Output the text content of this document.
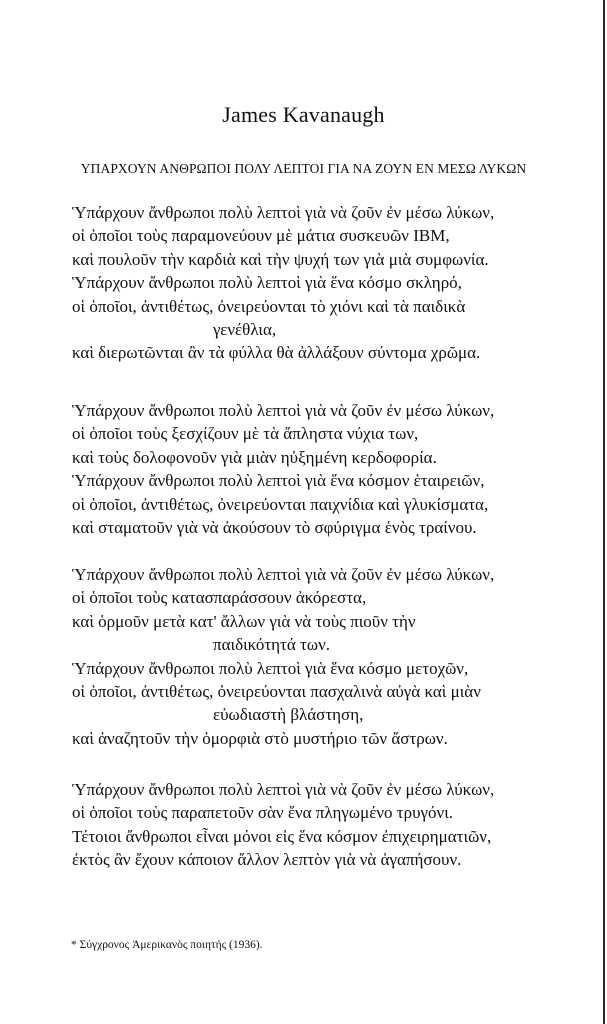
James Kavanaugh
ΥΠΑΡΧΟΥΝ ΑΝΘΡΩΠΟΙ ΠΟΛΥ ΛΕΠΤΟΙ ΓΙΑ ΝΑ ΖΟΥΝ ΕΝ ΜΕΣΩ ΛΥΚΩΝ
Ὑπάρχουν ἄνθρωποι πολὺ λεπτοὶ γιὰ νὰ ζοῦν ἐν μέσω λύκων,
οἱ ὁποῖοι τοὺς παραμονεύουν μὲ μάτια συσκευῶν IBM,
καὶ πουλοῦν τὴν καρδιὰ καὶ τὴν ψυχή των γιὰ μιὰ συμφωνία.
Ὑπάρχουν ἄνθρωποι πολὺ λεπτοὶ γιὰ ἕνα κόσμο σκληρό,
οἱ ὁποῖοι, ἀντιθέτως, ὀνειρεύονται τὸ χιόνι καὶ τὰ παιδικὰ
γενέθλια,
καὶ διερωτῶνται ἂν τὰ φύλλα θὰ ἀλλάξουν σύντομα χρῶμα.
Ὑπάρχουν ἄνθρωποι πολὺ λεπτοὶ γιὰ νὰ ζοῦν ἐν μέσω λύκων,
οἱ ὁποῖοι τοὺς ξεσχίζουν μὲ τὰ ἄπληστα νύχια των,
καὶ τοὺς δολοφονοῦν γιὰ μιὰν ηὐξημένη κερδοφορία.
Ὑπάρχουν ἄνθρωποι πολὺ λεπτοὶ γιὰ ἕνα κόσμον ἑταιρειῶν,
οἱ ὁποῖοι, ἀντιθέτως, ὀνειρεύονται παιχνίδια καὶ γλυκίσματα,
καὶ σταματοῦν γιὰ νὰ ἀκούσουν τὸ σφύριγμα ἑνὸς τραίνου.
Ὑπάρχουν ἄνθρωποι πολὺ λεπτοὶ γιὰ νὰ ζοῦν ἐν μέσω λύκων,
οἱ ὁποῖοι τοὺς κατασπαράσσουν ἀκόρεστα,
καὶ ὁρμοῦν μετὰ κατ' ἄλλων γιὰ νὰ τοὺς πιοῦν τὴν
παιδικότητά των.
Ὑπάρχουν ἄνθρωποι πολὺ λεπτοὶ γιὰ ἕνα κόσμο μετοχῶν,
οἱ ὁποῖοι, ἀντιθέτως, ὀνειρεύονται πασχαλινὰ αὐγὰ καὶ μιὰν
εὐωδιαστὴ βλάστηση,
καὶ ἀναζητοῦν τὴν ὀμορφιὰ στὸ μυστήριο τῶν ἄστρων.
Ὑπάρχουν ἄνθρωποι πολὺ λεπτοὶ γιὰ νὰ ζοῦν ἐν μέσω λύκων,
οἱ ὁποῖοι τοὺς παραπετοῦν σὰν ἕνα πληγωμένο τρυγόνι.
Τέτοιοι ἄνθρωποι εἶναι μόνοι εἰς ἕνα κόσμον ἐπιχειρηματιῶν,
ἐκτὸς ἂν ἔχουν κάποιον ἄλλον λεπτὸν γιὰ νὰ ἀγαπήσουν.
* Σύγχρονος Ἀμερικανὸς ποιητής (1936).
